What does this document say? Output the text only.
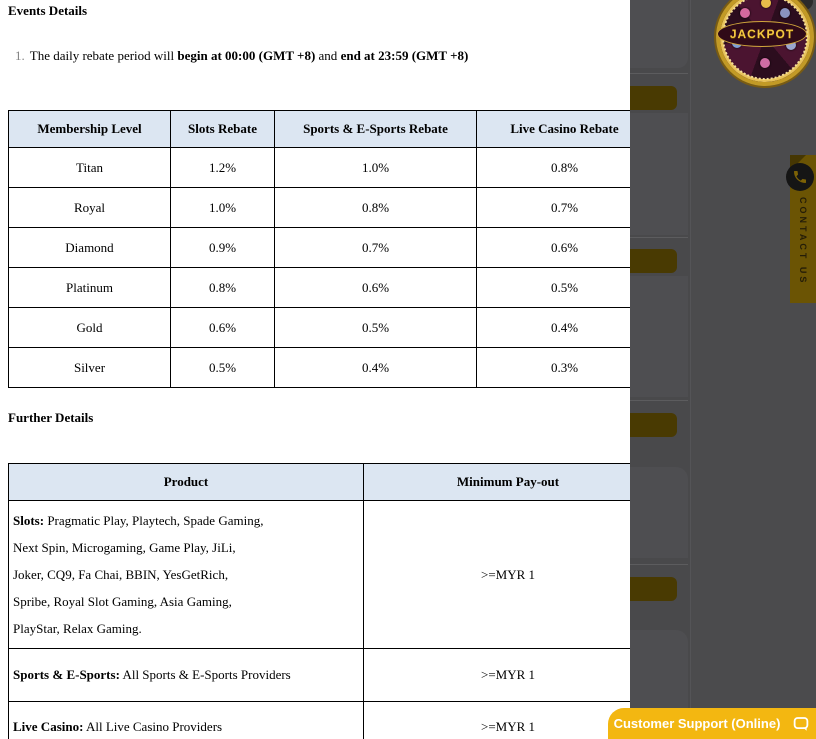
Events Details
1. The daily rebate period will begin at 00:00 (GMT +8) and end at 23:59 (GMT +8)
Membership Level	Slots Rebate	Sports & E-Sports Rebate	Live Casino Rebate
Titan	1.2%	1.0%	0.8%
Royal	1.0%	0.8%	0.7%
Diamond	0.9%	0.7%	0.6%
Platinum	0.8%	0.6%	0.5%
Gold	0.6%	0.5%	0.4%
Silver	0.5%	0.4%	0.3%
Further Details
Product	Minimum Pay-out

Slots: Pragmatic Play, Playtech, Spade Gaming,
Next Spin, Microgaming, Game Play, JiLi,
Joker, CQ9, Fa Chai, BBIN, YesGetRich,
Spribe, Royal Slot Gaming, Asia Gaming,
PlayStar, Relax Gaming.	>=MYR 1
Sports & E-Sports: All Sports & E-Sports Providers	>=MYR 1
Live Casino: All Live Casino Providers	>=MYR 1
JACKPOT
CONTACT US
Customer Support (Online)
